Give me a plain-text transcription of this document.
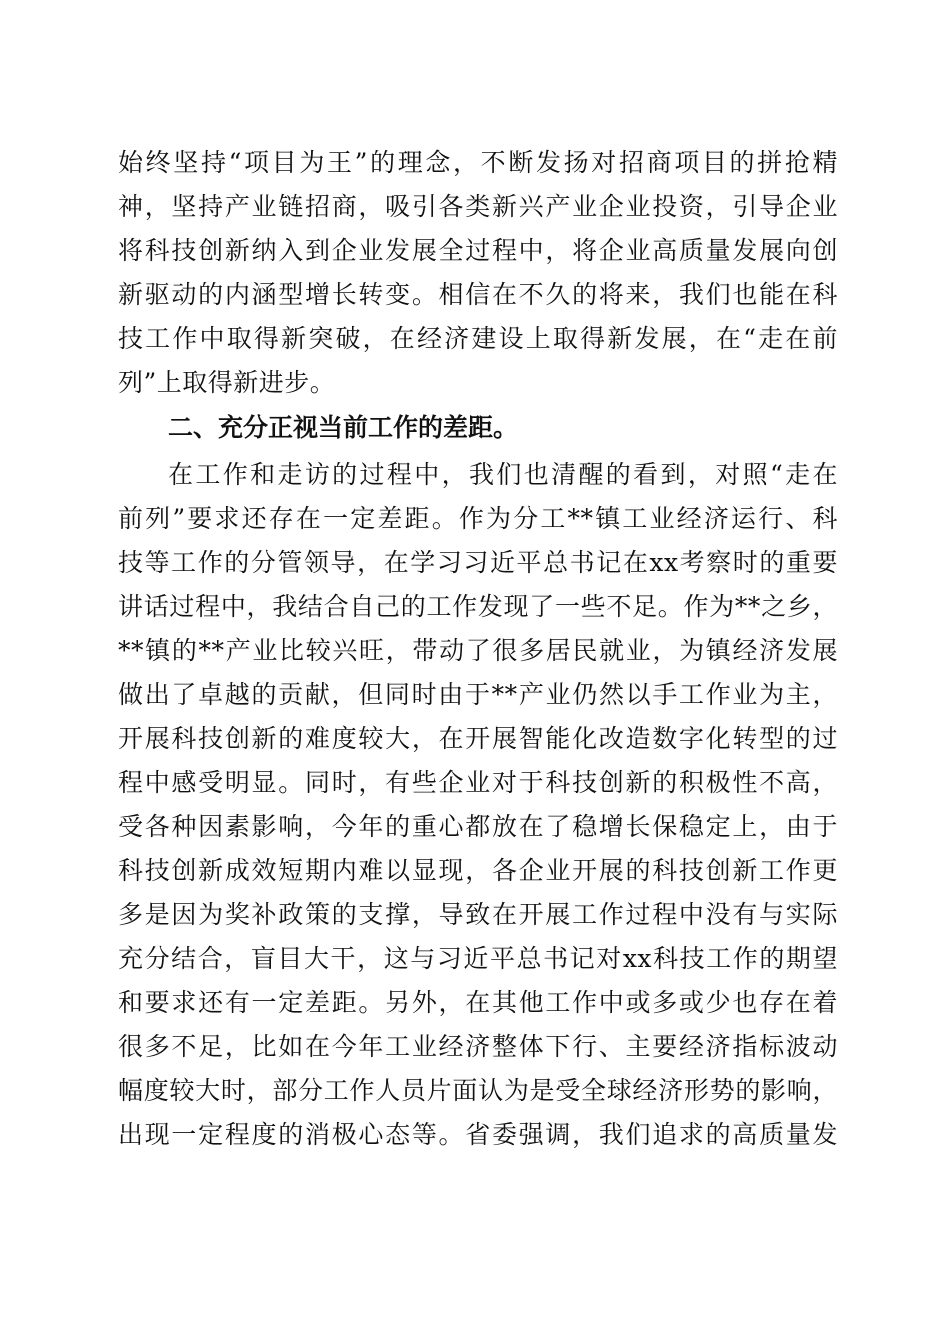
始终坚持“项目为王”的理念，不断发扬对招商项目的拼抢精
神，坚持产业链招商，吸引各类新兴产业企业投资，引导企业
将科技创新纳入到企业发展全过程中，将企业高质量发展向创
新驱动的内涵型增长转变。相信在不久的将来，我们也能在科
技工作中取得新突破，在经济建设上取得新发展，在“走在前
列”上取得新进步。
二、充分正视当前工作的差距。
在工作和走访的过程中，我们也清醒的看到，对照“走在
前列”要求还存在一定差距。作为分工**镇工业经济运行、科
技等工作的分管领导，在学习习近平总书记在xx考察时的重要
讲话过程中，我结合自己的工作发现了一些不足。作为**之乡，
**镇的**产业比较兴旺，带动了很多居民就业，为镇经济发展
做出了卓越的贡献，但同时由于**产业仍然以手工作业为主，
开展科技创新的难度较大，在开展智能化改造数字化转型的过
程中感受明显。同时，有些企业对于科技创新的积极性不高，
受各种因素影响，今年的重心都放在了稳增长保稳定上，由于
科技创新成效短期内难以显现，各企业开展的科技创新工作更
多是因为奖补政策的支撑，导致在开展工作过程中没有与实际
充分结合，盲目大干，这与习近平总书记对xx科技工作的期望
和要求还有一定差距。另外，在其他工作中或多或少也存在着
很多不足，比如在今年工业经济整体下行、主要经济指标波动
幅度较大时，部分工作人员片面认为是受全球经济形势的影响，
出现一定程度的消极心态等。省委强调，我们追求的高质量发
